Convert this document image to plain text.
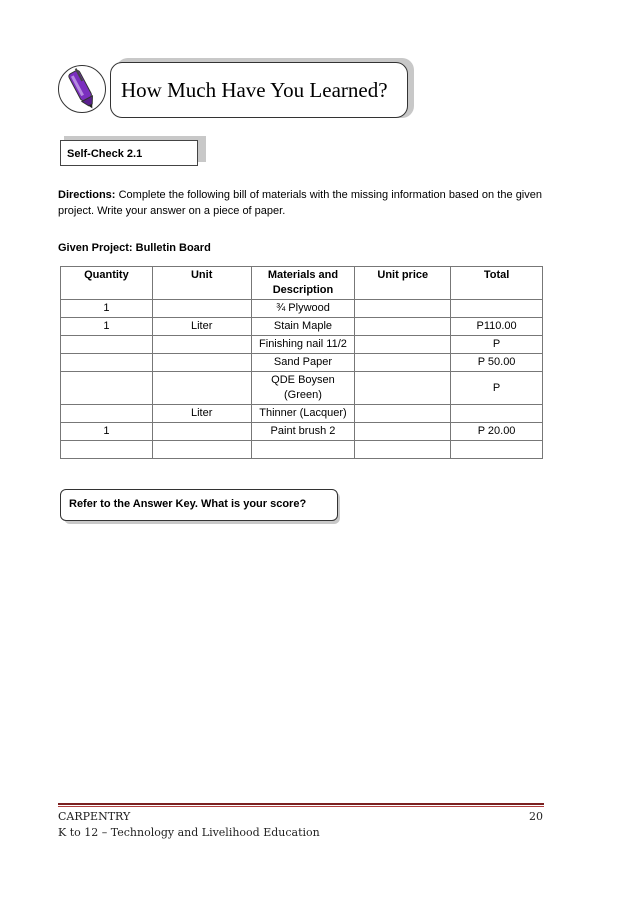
How Much Have You Learned?
Self-Check 2.1
Directions: Complete the following bill of materials with the missing information based on the given project. Write your answer on a piece of paper.
Given Project: Bulletin Board
Quantity	Unit	Materials and Description	Unit price	Total
1		¾ Plywood		
1	Liter	Stain Maple		P110.00
		Finishing nail 11/2		P
		Sand Paper		P 50.00
		QDE Boysen (Green)		P
	Liter	Thinner (Lacquer)		
1		Paint brush 2		P 20.00

Refer to the Answer Key. What is your score?
CARPENTRY	20
K to 12 – Technology and Livelihood Education
